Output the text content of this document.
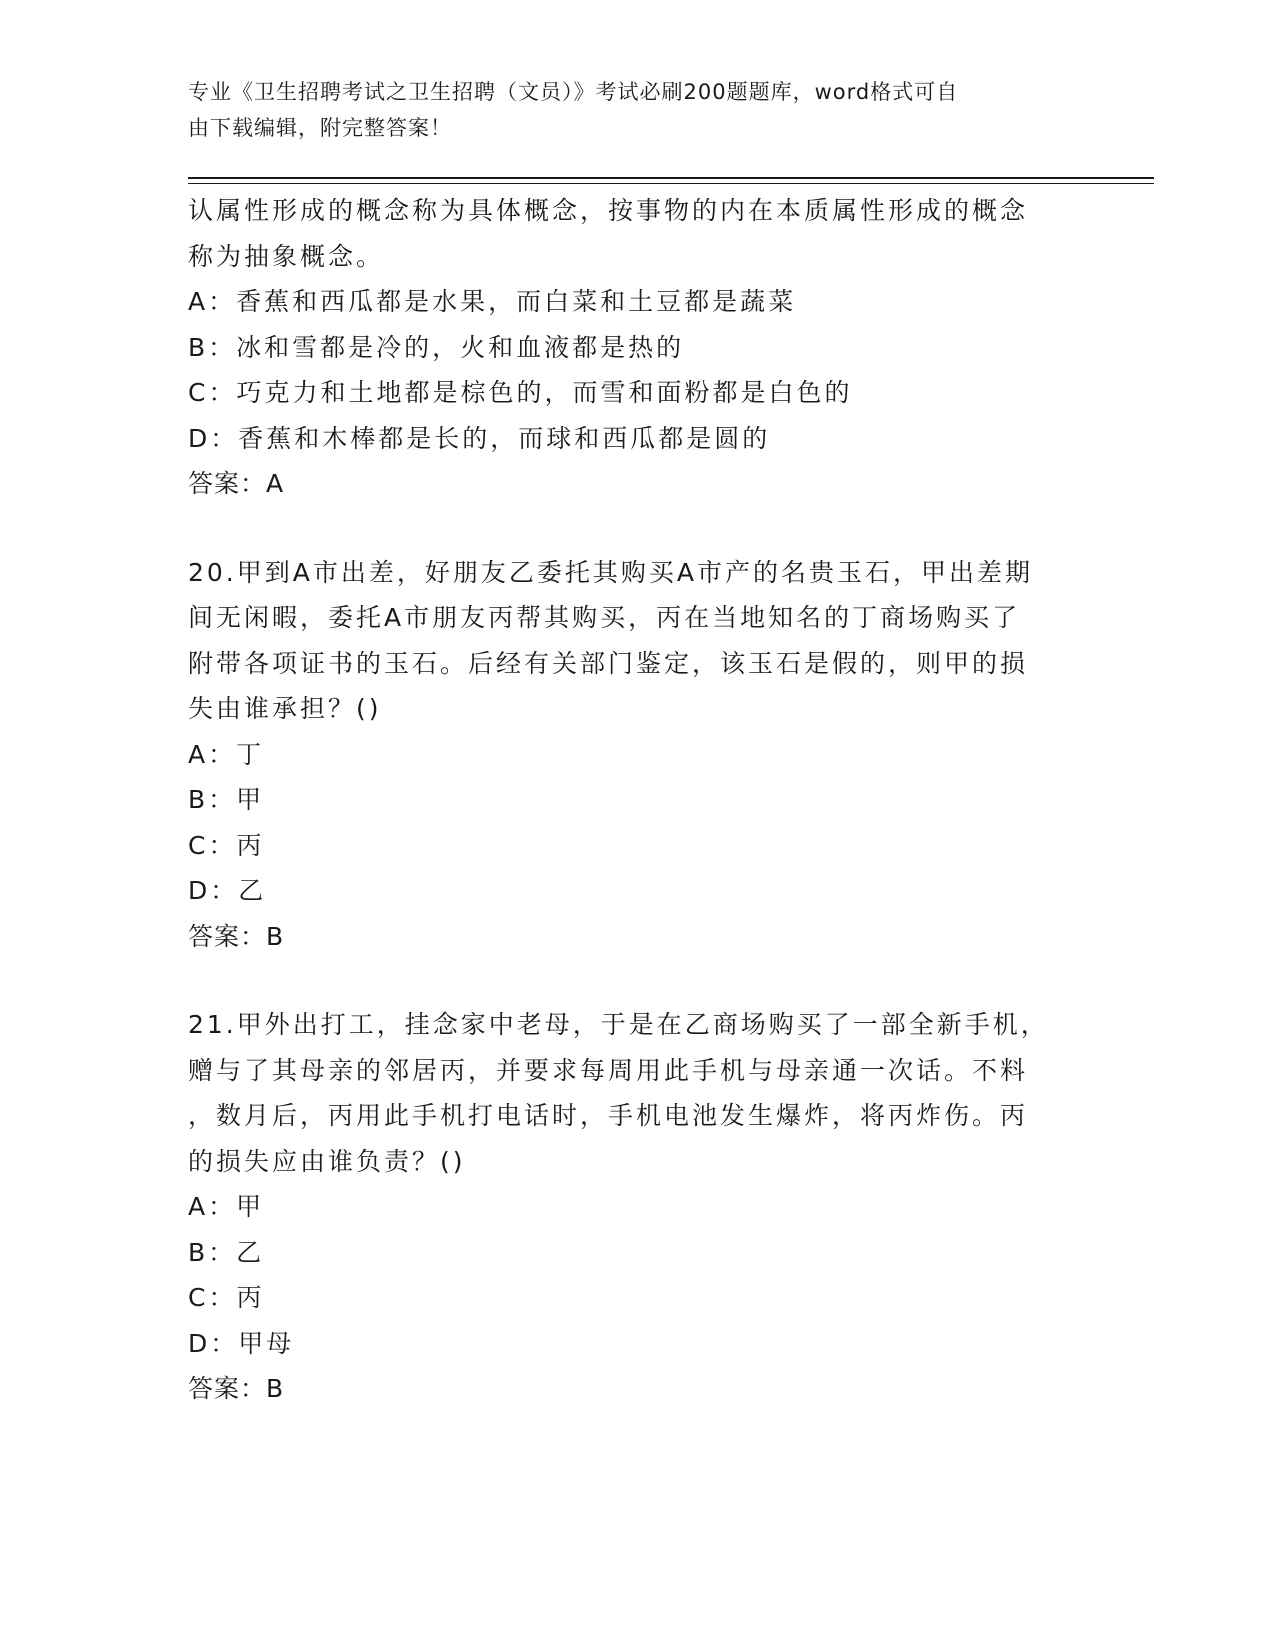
专业《卫生招聘考试之卫生招聘（文员）》考试必刷200题题库，word格式可自
由下载编辑，附完整答案！
认属性形成的概念称为具体概念，按事物的内在本质属性形成的概念
称为抽象概念。
A：香蕉和西瓜都是水果，而白菜和土豆都是蔬菜
B：冰和雪都是冷的，火和血液都是热的
C：巧克力和土地都是棕色的，而雪和面粉都是白色的
D：香蕉和木棒都是长的，而球和西瓜都是圆的
答案：A
20.甲到A市出差，好朋友乙委托其购买A市产的名贵玉石，甲出差期
间无闲暇，委托A市朋友丙帮其购买，丙在当地知名的丁商场购买了
附带各项证书的玉石。后经有关部门鉴定，该玉石是假的，则甲的损
失由谁承担？()
A：丁
B：甲
C：丙
D：乙
答案：B
21.甲外出打工，挂念家中老母，于是在乙商场购买了一部全新手机，
赠与了其母亲的邻居丙，并要求每周用此手机与母亲通一次话。不料
，数月后，丙用此手机打电话时，手机电池发生爆炸，将丙炸伤。丙
的损失应由谁负责？()
A：甲
B：乙
C：丙
D：甲母
答案：B
